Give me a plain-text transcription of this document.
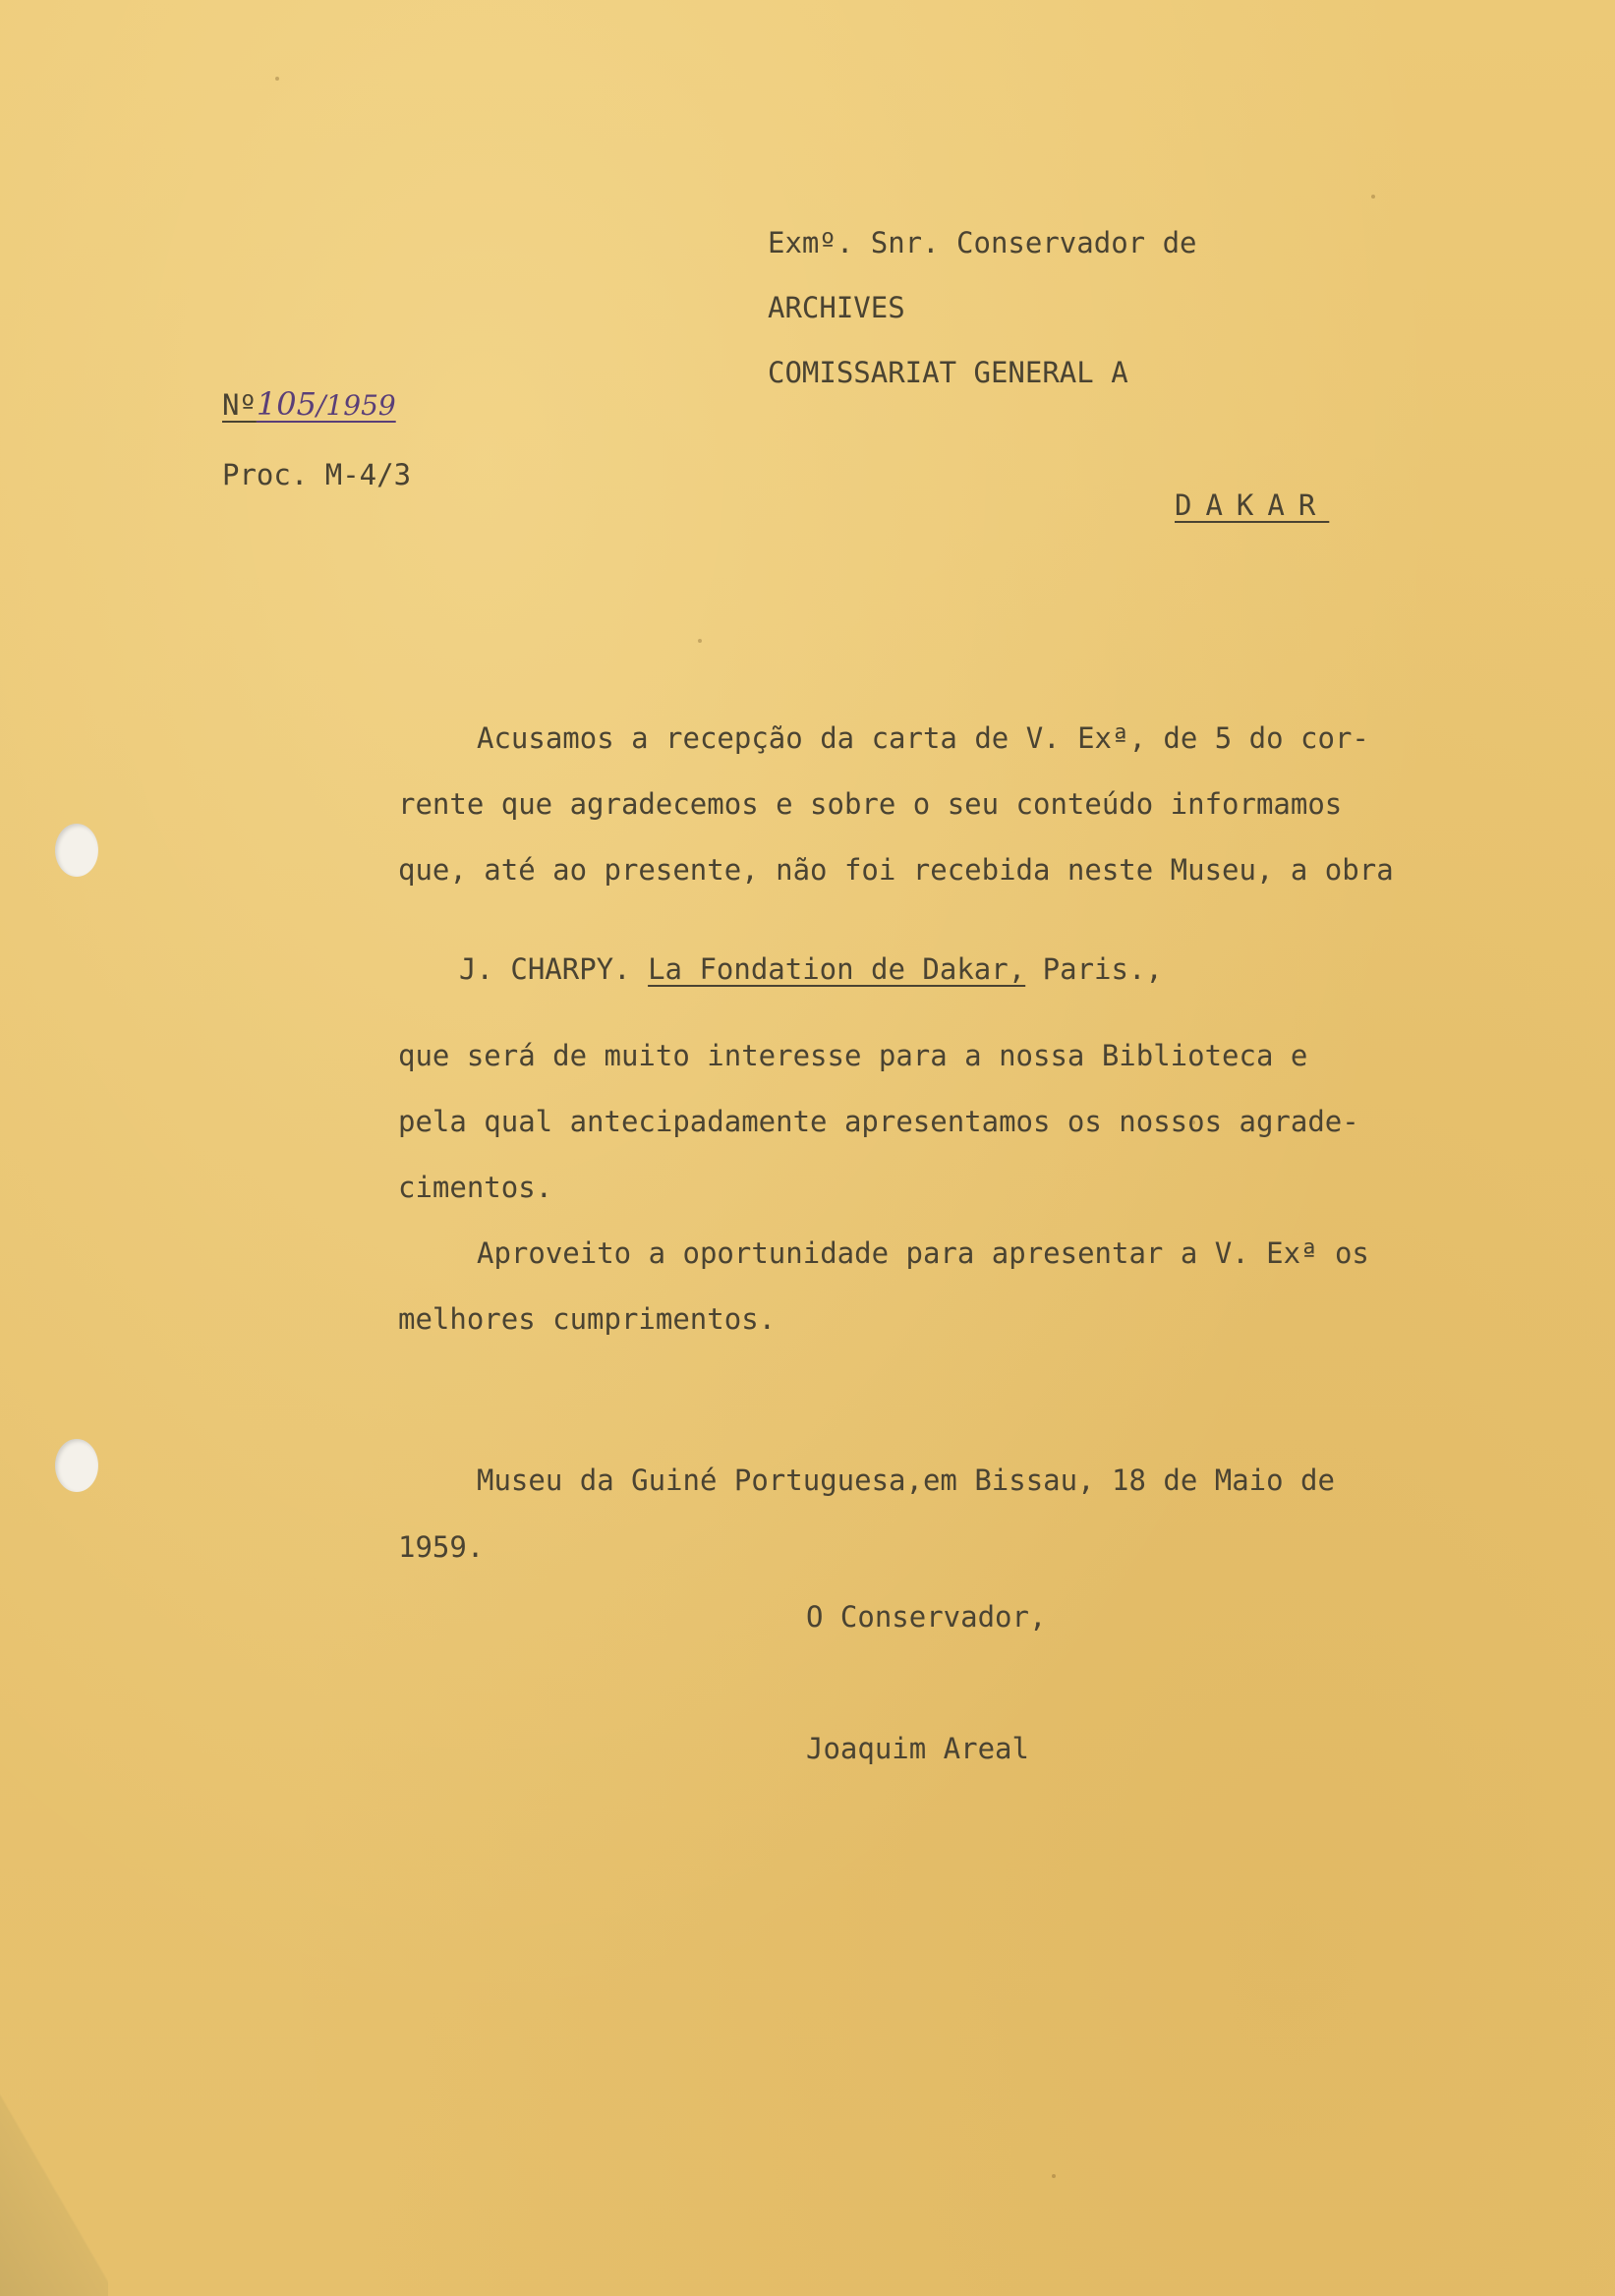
Exmº. Snr. Conservador de
ARCHIVES
COMISSARIAT GENERAL A
DAKAR
Nº105/1959
Proc. M-4/3
Acusamos a recepção da carta de V. Exª, de 5 do cor-
rente que agradecemos e sobre o seu conteúdo informamos
que, até ao presente, não foi recebida neste Museu, a obra
J. CHARPY. La Fondation de Dakar, Paris.,
que será de muito interesse para a nossa Biblioteca e
pela qual antecipadamente apresentamos os nossos agrade-
cimentos.
Aproveito a oportunidade para apresentar a V. Exª os
melhores cumprimentos.
Museu da Guiné Portuguesa,em Bissau, 18 de Maio de
1959.
O Conservador,
Joaquim Areal
